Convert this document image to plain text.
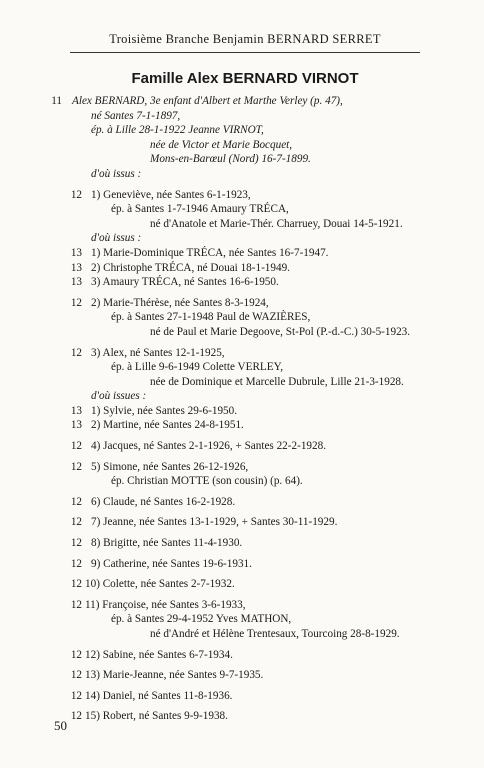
Troisième Branche Benjamin BERNARD SERRET
Famille Alex BERNARD VIRNOT
11 Alex BERNARD, 3e enfant d'Albert et Marthe Verley (p. 47),
né Santes 7-1-1897,
ép. à Lille 28-1-1922 Jeanne VIRNOT,
née de Victor et Marie Bocquet,
Mons-en-Barœul (Nord) 16-7-1899.
d'où issus :
12 1) Geneviève, née Santes 6-1-1923,
ép. à Santes 1-7-1946 Amaury TRÉCA,
né d'Anatole et Marie-Thér. Charruey, Douai 14-5-1921.
d'où issus :
13 1) Marie-Dominique TRÉCA, née Santes 16-7-1947.
13 2) Christophe TRÉCA, né Douai 18-1-1949.
13 3) Amaury TRÉCA, né Santes 16-6-1950.
12 2) Marie-Thérèse, née Santes 8-3-1924,
ép. à Santes 27-1-1948 Paul de WAZIÈRES,
né de Paul et Marie Degoove, St-Pol (P.-d.-C.) 30-5-1923.
12 3) Alex, né Santes 12-1-1925,
ép. à Lille 9-6-1949 Colette VERLEY,
née de Dominique et Marcelle Dubrule, Lille 21-3-1928.
d'où issues :
13 1) Sylvie, née Santes 29-6-1950.
13 2) Martine, née Santes 24-8-1951.
12 4) Jacques, né Santes 2-1-1926, + Santes 22-2-1928.
12 5) Simone, née Santes 26-12-1926,
ép. Christian MOTTE (son cousin) (p. 64).
12 6) Claude, né Santes 16-2-1928.
12 7) Jeanne, née Santes 13-1-1929, + Santes 30-11-1929.
12 8) Brigitte, née Santes 11-4-1930.
12 9) Catherine, née Santes 19-6-1931.
12 10) Colette, née Santes 2-7-1932.
12 11) Françoise, née Santes 3-6-1933,
ép. à Santes 29-4-1952 Yves MATHON,
né d'André et Hélène Trentesaux, Tourcoing 28-8-1929.
12 12) Sabine, née Santes 6-7-1934.
12 13) Marie-Jeanne, née Santes 9-7-1935.
12 14) Daniel, né Santes 11-8-1936.
12 15) Robert, né Santes 9-9-1938.
50
